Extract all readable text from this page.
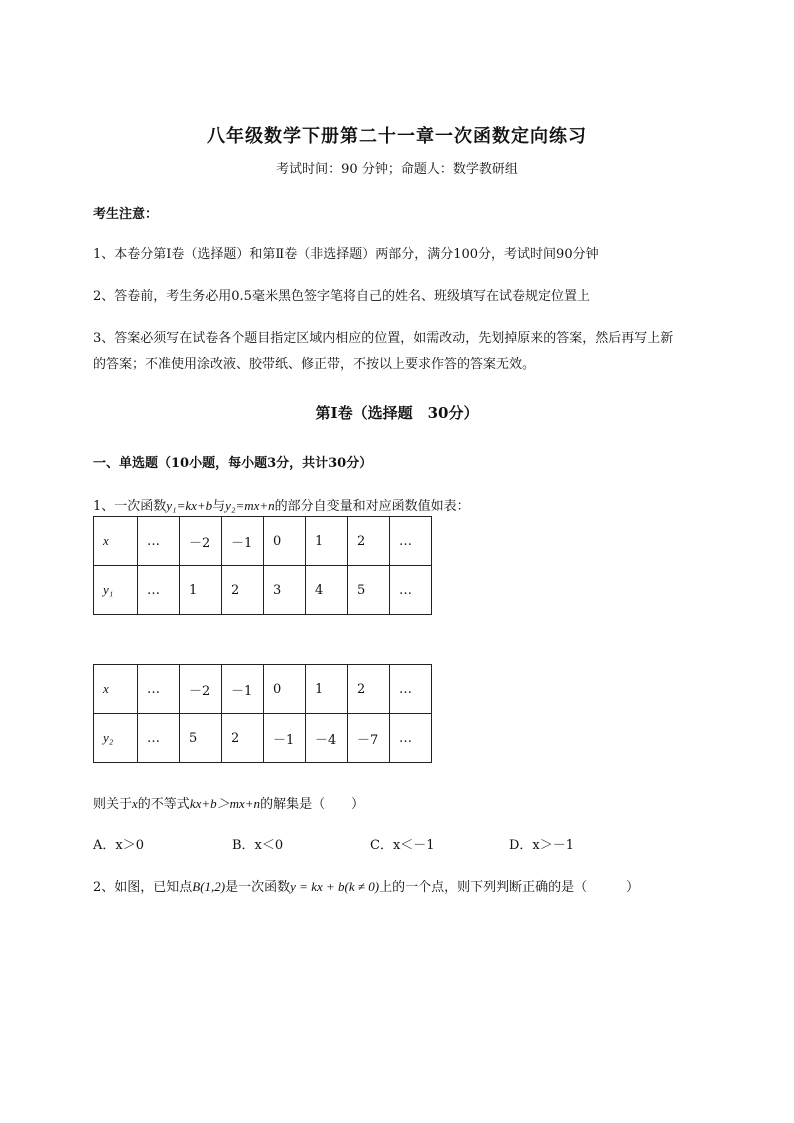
八年级数学下册第二十一章一次函数定向练习
考试时间：90 分钟；命题人：数学教研组
考生注意：
1、本卷分第I卷（选择题）和第Ⅱ卷（非选择题）两部分，满分100分，考试时间90分钟
2、答卷前，考生务必用0.5毫米黑色签字笔将自己的姓名、班级填写在试卷规定位置上
3、答案必须写在试卷各个题目指定区域内相应的位置，如需改动，先划掉原来的答案，然后再写上新
的答案；不准使用涂改液、胶带纸、修正带，不按以上要求作答的答案无效。
第I卷（选择题　30分）
一、单选题（10小题，每小题3分，共计30分）
1、一次函数y₁=kx+b与y₂=mx+n的部分自变量和对应函数值如表：
x	…	－2	－1	0	1	2	…
y₁	…	1	2	3	4	5	…
x	…	－2	－1	0	1	2	…
y₂	…	5	2	－1	－4	－7	…
则关于x的不等式kx+b＞mx+n的解集是（　　）
A．x＞0	B．x＜0	C．x＜－1	D．x＞－1
2、如图，已知点B(1,2)是一次函数y = kx + b(k ≠ 0)上的一个点，则下列判断正确的是（　　　）
